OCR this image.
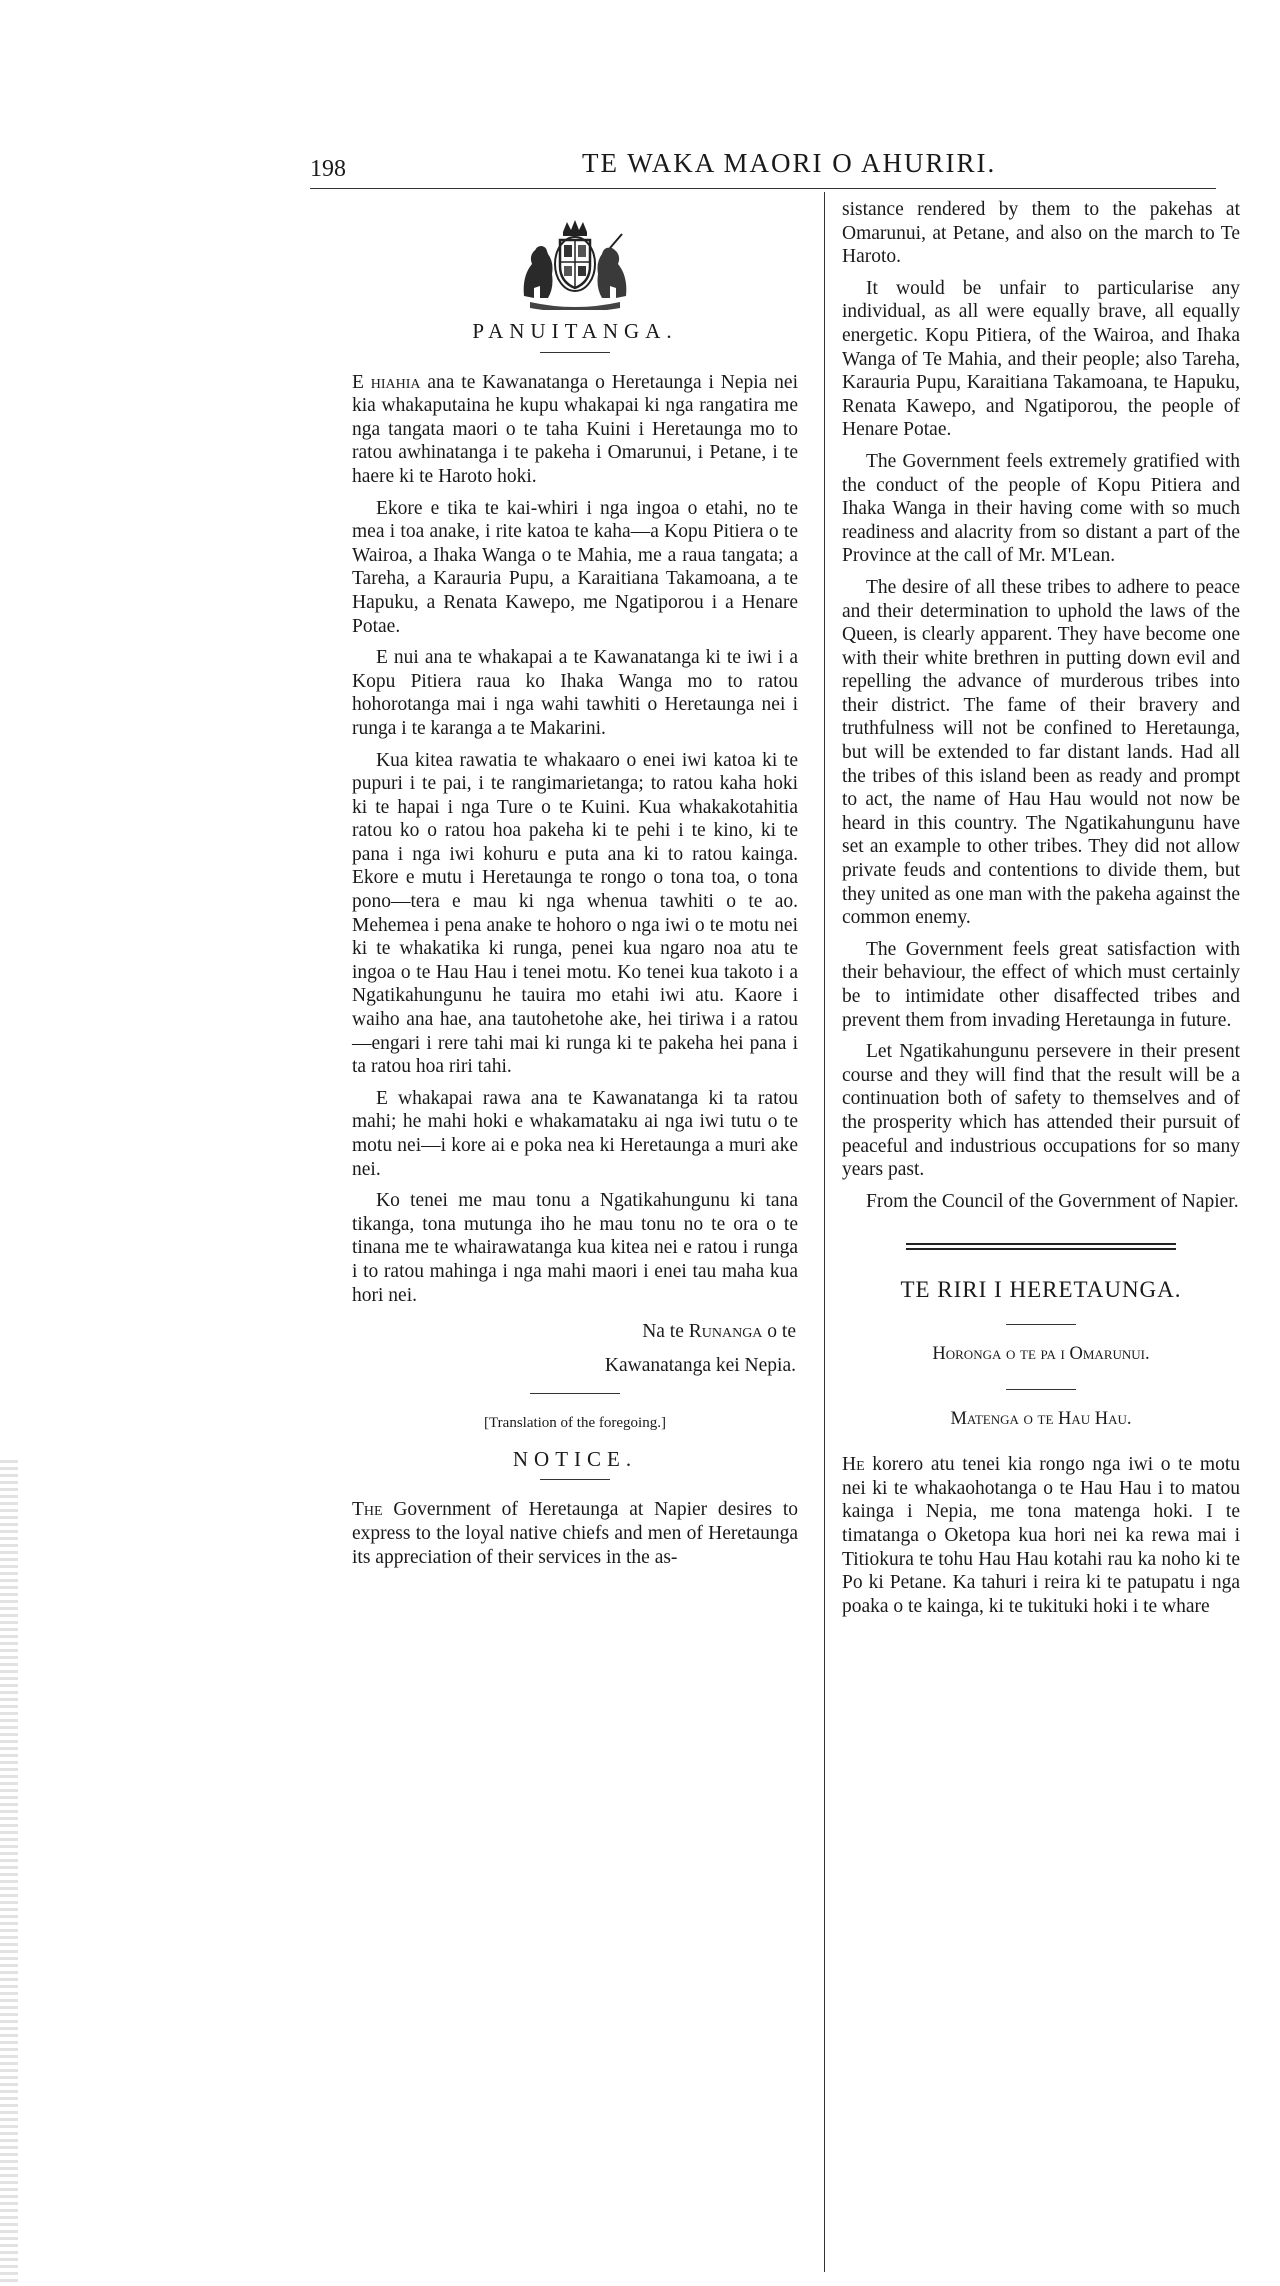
198	TE WAKA MAORI O AHURIRI.
PANUITANGA.

E hiahia ana te Kawanatanga o Heretaunga i Nepia nei kia whakaputaina he kupu whakapai ki nga rangatira me nga tangata maori o te taha Kuini i Heretaunga mo to ratou awhinatanga i te pakeha i Omarunui, i Petane, i te haere ki te Haroto hoki.

Ekore e tika te kai-whiri i nga ingoa o etahi, no te mea i toa anake, i rite katoa te kaha—a Kopu Pitiera o te Wairoa, a Ihaka Wanga o te Mahia, me a raua tangata; a Tareha, a Karauria Pupu, a Karaitiana Takamoana, a te Hapuku, a Renata Kawepo, me Ngatiporou i a Henare Potae.

E nui ana te whakapai a te Kawanatanga ki te iwi i a Kopu Pitiera raua ko Ihaka Wanga mo to ratou hohorotanga mai i nga wahi tawhiti o Heretaunga nei i runga i te karanga a te Makarini.

Kua kitea rawatia te whakaaro o enei iwi katoa ki te pupuri i te pai, i te rangimarietanga; to ratou kaha hoki ki te hapai i nga Ture o te Kuini. Kua whakakotahitia ratou ko o ratou hoa pakeha ki te pehi i te kino, ki te pana i nga iwi kohuru e puta ana ki to ratou kainga. Ekore e mutu i Heretaunga te rongo o tona toa, o tona pono—tera e mau ki nga whenua tawhiti o te ao. Mehemea i pena anake te hohoro o nga iwi o te motu nei ki te whakatika ki runga, penei kua ngaro noa atu te ingoa o te Hau Hau i tenei motu. Ko tenei kua takoto i a Ngatikahungunu he tauira mo etahi iwi atu. Kaore i waiho ana hae, ana tautohetohe ake, hei tiriwa i a ratou—engari i rere tahi mai ki runga ki te pakeha hei pana i ta ratou hoa riri tahi.

E whakapai rawa ana te Kawanatanga ki ta ratou mahi; he mahi hoki e whakamataku ai nga iwi tutu o te motu nei—i kore ai e poka nea ki Heretaunga a muri ake nei.

Ko tenei me mau tonu a Ngatikahungunu ki tana tikanga, tona mutunga iho he mau tonu no te ora o te tinana me te whairawatanga kua kitea nei e ratou i runga i to ratou mahinga i nga mahi maori i enei tau maha kua hori nei.

Na te Runanga o te
Kawanatanga kei Nepia.
[Translation of the foregoing.]
NOTICE.

The Government of Heretaunga at Napier desires to express to the loyal native chiefs and men of Heretaunga its appreciation of their services in the as-

sistance rendered by them to the pakehas at Omarunui, at Petane, and also on the march to Te Haroto.

It would be unfair to particularise any individual, as all were equally brave, all equally energetic. Kopu Pitiera, of the Wairoa, and Ihaka Wanga of Te Mahia, and their people; also Tareha, Karauria Pupu, Karaitiana Takamoana, te Hapuku, Renata Kawepo, and Ngatiporou, the people of Henare Potae.

The Government feels extremely gratified with the conduct of the people of Kopu Pitiera and Ihaka Wanga in their having come with so much readiness and alacrity from so distant a part of the Province at the call of Mr. M'Lean.

The desire of all these tribes to adhere to peace and their determination to uphold the laws of the Queen, is clearly apparent. They have become one with their white brethren in putting down evil and repelling the advance of murderous tribes into their district. The fame of their bravery and truthfulness will not be confined to Heretaunga, but will be extended to far distant lands. Had all the tribes of this island been as ready and prompt to act, the name of Hau Hau would not now be heard in this country. The Ngatikahungunu have set an example to other tribes. They did not allow private feuds and contentions to divide them, but they united as one man with the pakeha against the common enemy.

The Government feels great satisfaction with their behaviour, the effect of which must certainly be to intimidate other disaffected tribes and prevent them from invading Heretaunga in future.

Let Ngatikahungunu persevere in their present course and they will find that the result will be a continuation both of safety to themselves and of the prosperity which has attended their pursuit of peaceful and industrious occupations for so many years past.

From the Council of the Government of Napier.

TE RIRI I HERETAUNGA.
Horonga o te pa i Omarunui.
Matenga o te Hau Hau.

He korero atu tenei kia rongo nga iwi o te motu nei ki te whakaohotanga o te Hau Hau i to matou kainga i Nepia, me tona matenga hoki. I te timatanga o Oketopa kua hori nei ka rewa mai i Titiokura te tohu Hau Hau kotahi rau ka noho ki te Po ki Petane. Ka tahuri i reira ki te patupatu i nga poaka o te kainga, ki te tukituki hoki i te whare
